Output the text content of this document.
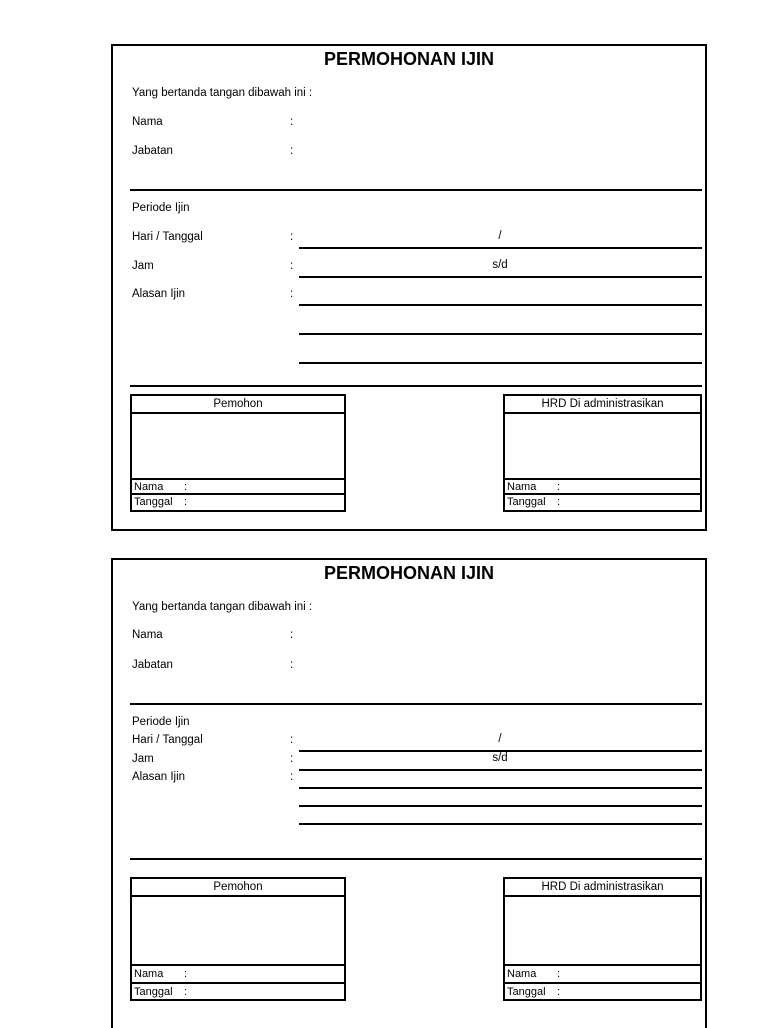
PERMOHONAN IJIN
Yang bertanda tangan dibawah ini :
Nama	:
Jabatan	:
Periode Ijin
Hari / Tanggal	:	/
Jam	:	s/d
Alasan Ijin	:
Pemohon
Nama :
Tanggal :
HRD Di administrasikan
Nama :
Tanggal :
PERMOHONAN IJIN
Yang bertanda tangan dibawah ini :
Nama	:
Jabatan	:
Periode Ijin
Hari / Tanggal	:	/
Jam	:	s/d
Alasan Ijin	:
Pemohon
Nama :
Tanggal :
HRD Di administrasikan
Nama :
Tanggal :
